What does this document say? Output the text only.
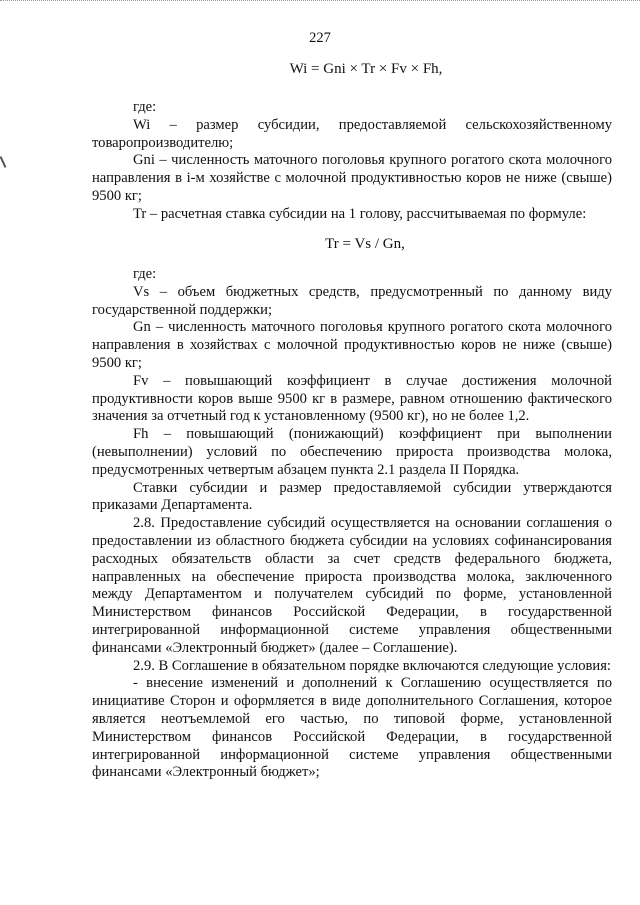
227
Wi = Gni × Tr × Fv × Fh,

где:

Wi – размер субсидии, предоставляемой сельскохозяйственному товаропроизводителю;

Gni – численность маточного поголовья крупного рогатого скота молочного направления в i-м хозяйстве с молочной продуктивностью коров не ниже (свыше) 9500 кг;

Tr – расчетная ставка субсидии на 1 голову, рассчитываемая по формуле:

Tr = Vs / Gn,

где:

Vs – объем бюджетных средств, предусмотренный по данному виду государственной поддержки;

Gn – численность маточного поголовья крупного рогатого скота молочного направления в хозяйствах с молочной продуктивностью коров не ниже (свыше) 9500 кг;

Fv – повышающий коэффициент в случае достижения молочной продуктивности коров выше 9500 кг в размере, равном отношению фактического значения за отчетный год к установленному (9500 кг), но не более 1,2.

Fh – повышающий (понижающий) коэффициент при выполнении (невыполнении) условий по обеспечению прироста производства молока, предусмотренных четвертым абзацем пункта 2.1 раздела II Порядка.

Ставки субсидии и размер предоставляемой субсидии утверждаются приказами Департамента.

2.8. Предоставление субсидий осуществляется на основании соглашения о предоставлении из областного бюджета субсидии на условиях софинансирования расходных обязательств области за счет средств федерального бюджета, направленных на обеспечение прироста производства молока, заключенного между Департаментом и получателем субсидий по форме, установленной Министерством финансов Российской Федерации, в государственной интегрированной информационной системе управления общественными финансами «Электронный бюджет» (далее – Соглашение).

2.9. В Соглашение в обязательном порядке включаются следующие условия:

- внесение изменений и дополнений к Соглашению осуществляется по инициативе Сторон и оформляется в виде дополнительного Соглашения, которое является неотъемлемой его частью, по типовой форме, установленной Министерством финансов Российской Федерации, в государственной интегрированной информационной системе управления общественными финансами «Электронный бюджет»;
